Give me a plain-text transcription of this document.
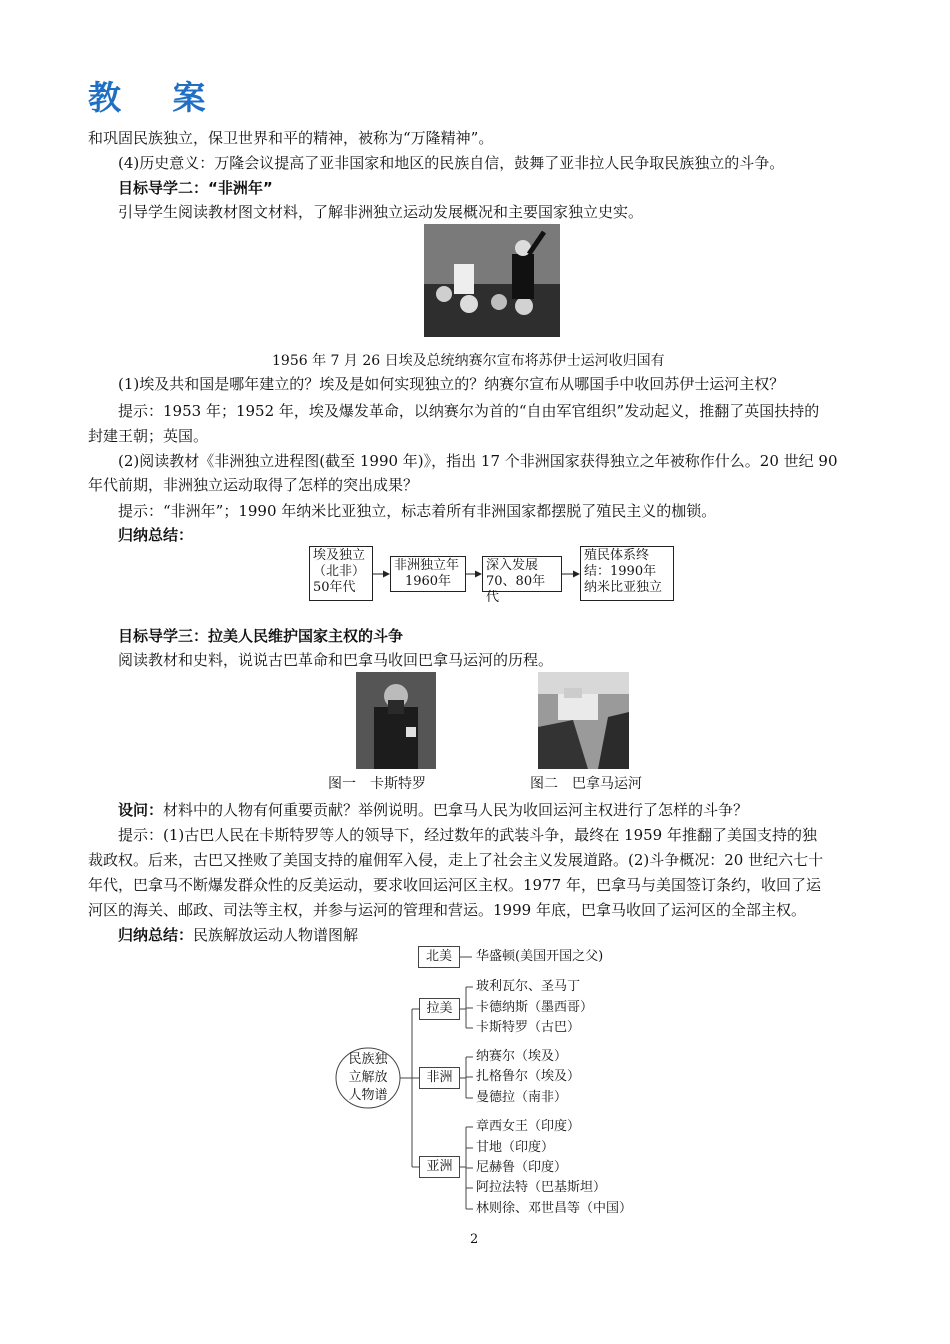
教 案
和巩固民族独立，保卫世界和平的精神，被称为“万隆精神”。
(4)历史意义：万隆会议提高了亚非国家和地区的民族自信，鼓舞了亚非拉人民争取民族独立的斗争。
目标导学二：“非洲年”
引导学生阅读教材图文材料，了解非洲独立运动发展概况和主要国家独立史实。
1956 年 7 月 26 日埃及总统纳赛尔宣布将苏伊士运河收归国有
(1)埃及共和国是哪年建立的？埃及是如何实现独立的？纳赛尔宣布从哪国手中收回苏伊士运河主权？
提示：1953 年；1952 年，埃及爆发革命，以纳赛尔为首的“自由军官组织”发动起义，推翻了英国扶持的
封建王朝；英国。
(2)阅读教材《非洲独立进程图(截至 1990 年)》，指出 17 个非洲国家获得独立之年被称作什么。20 世纪 90
年代前期，非洲独立运动取得了怎样的突出成果？
提示：“非洲年”；1990 年纳米比亚独立，标志着所有非洲国家都摆脱了殖民主义的枷锁。
归纳总结：
埃及独立
（北非）
50年代
非洲独立年
1960年
深入发展
70、80年代
殖民体系终
结：1990年
纳米比亚独立
目标导学三：拉美人民维护国家主权的斗争
阅读教材和史料，说说古巴革命和巴拿马收回巴拿马运河的历程。
图一　卡斯特罗	图二　巴拿马运河
设问：材料中的人物有何重要贡献？举例说明。巴拿马人民为收回运河主权进行了怎样的斗争？
提示：(1)古巴人民在卡斯特罗等人的领导下，经过数年的武装斗争，最终在 1959 年推翻了美国支持的独
裁政权。后来，古巴又挫败了美国支持的雇佣军入侵，走上了社会主义发展道路。(2)斗争概况：20 世纪六七十
年代，巴拿马不断爆发群众性的反美运动，要求收回运河区主权。1977 年，巴拿马与美国签订条约，收回了运
河区的海关、邮政、司法等主权，并参与运河的管理和营运。1999 年底，巴拿马收回了运河区的全部主权。
归纳总结：民族解放运动人物谱图解
民族独
立解放
人物谱
北美	华盛顿(美国开国之父)
拉美
玻利瓦尔、圣马丁
卡德纳斯（墨西哥）
卡斯特罗（古巴）
非洲
纳赛尔（埃及）
扎格鲁尔（埃及）
曼德拉（南非）
亚洲
章西女王（印度）
甘地（印度）
尼赫鲁（印度）
阿拉法特（巴基斯坦）
林则徐、邓世昌等（中国）
2
